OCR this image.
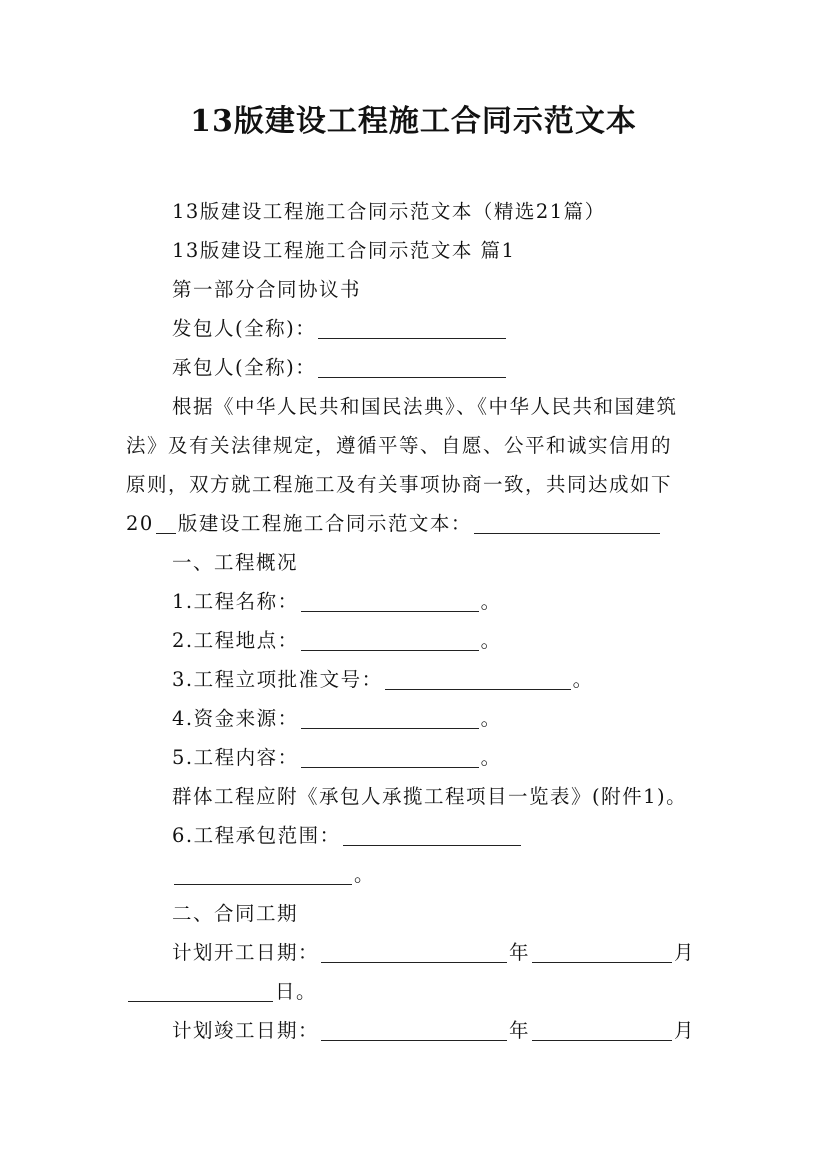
13版建设工程施工合同示范文本
13版建设工程施工合同示范文本（精选21篇）
13版建设工程施工合同示范文本 篇1
第一部分合同协议书
发包人(全称)：
承包人(全称)：
根据《中华人民共和国民法典》、《中华人民共和国建筑
法》及有关法律规定，遵循平等、自愿、公平和诚实信用的
原则，双方就工程施工及有关事项协商一致，共同达成如下
20 版建设工程施工合同示范文本：
一、工程概况
1.工程名称：	。
2.工程地点：	。
3.工程立项批准文号：	。
4.资金来源：	。
5.工程内容：	。
群体工程应附《承包人承揽工程项目一览表》(附件1)。
6.工程承包范围：
。
二、合同工期
计划开工日期：	年	月
日。
计划竣工日期：	年	月
